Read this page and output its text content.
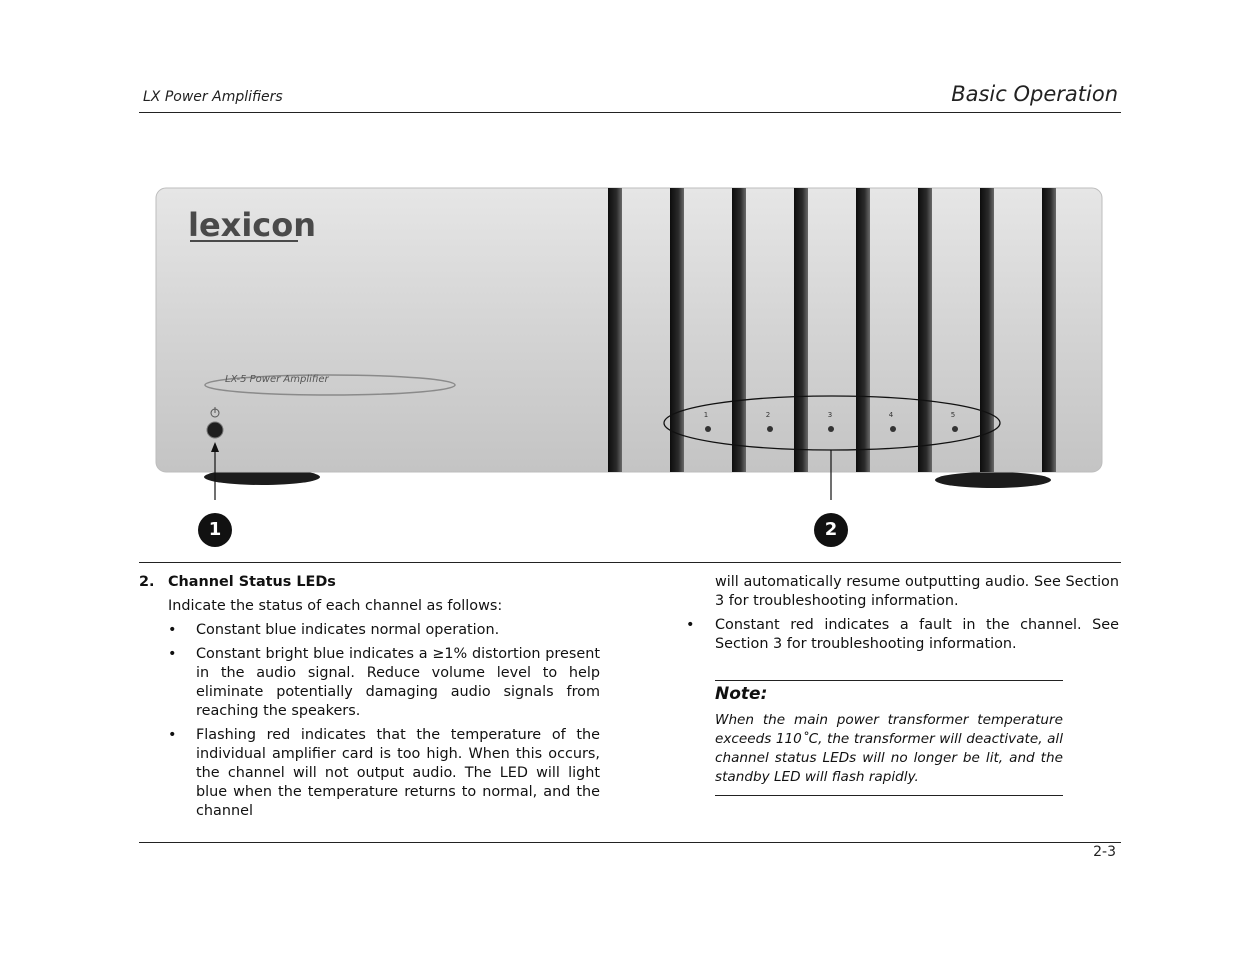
LX Power Amplifiers	Basic Operation
lexicon
LX-5 Power Amplifier
1	2	3	4	5
1	2
2. Channel Status LEDs
Indicate the status of each channel as follows:
• Constant blue indicates normal operation.
• Constant bright blue indicates a ≥1% distortion present in the audio signal. Reduce volume level to help eliminate potentially damaging audio signals from reaching the speakers.
• Flashing red indicates that the temperature of the individual amplifier card is too high. When this occurs, the channel will not output audio. The LED will light blue when the temperature returns to normal, and the channel
will automatically resume outputting audio. See Section 3 for troubleshooting information.
• Constant red indicates a fault in the channel. See Section 3 for troubleshooting information.
Note:
When the main power transformer temperature exceeds 110˚C, the transformer will deactivate, all channel status LEDs will no longer be lit, and the standby LED will flash rapidly.
2-3
